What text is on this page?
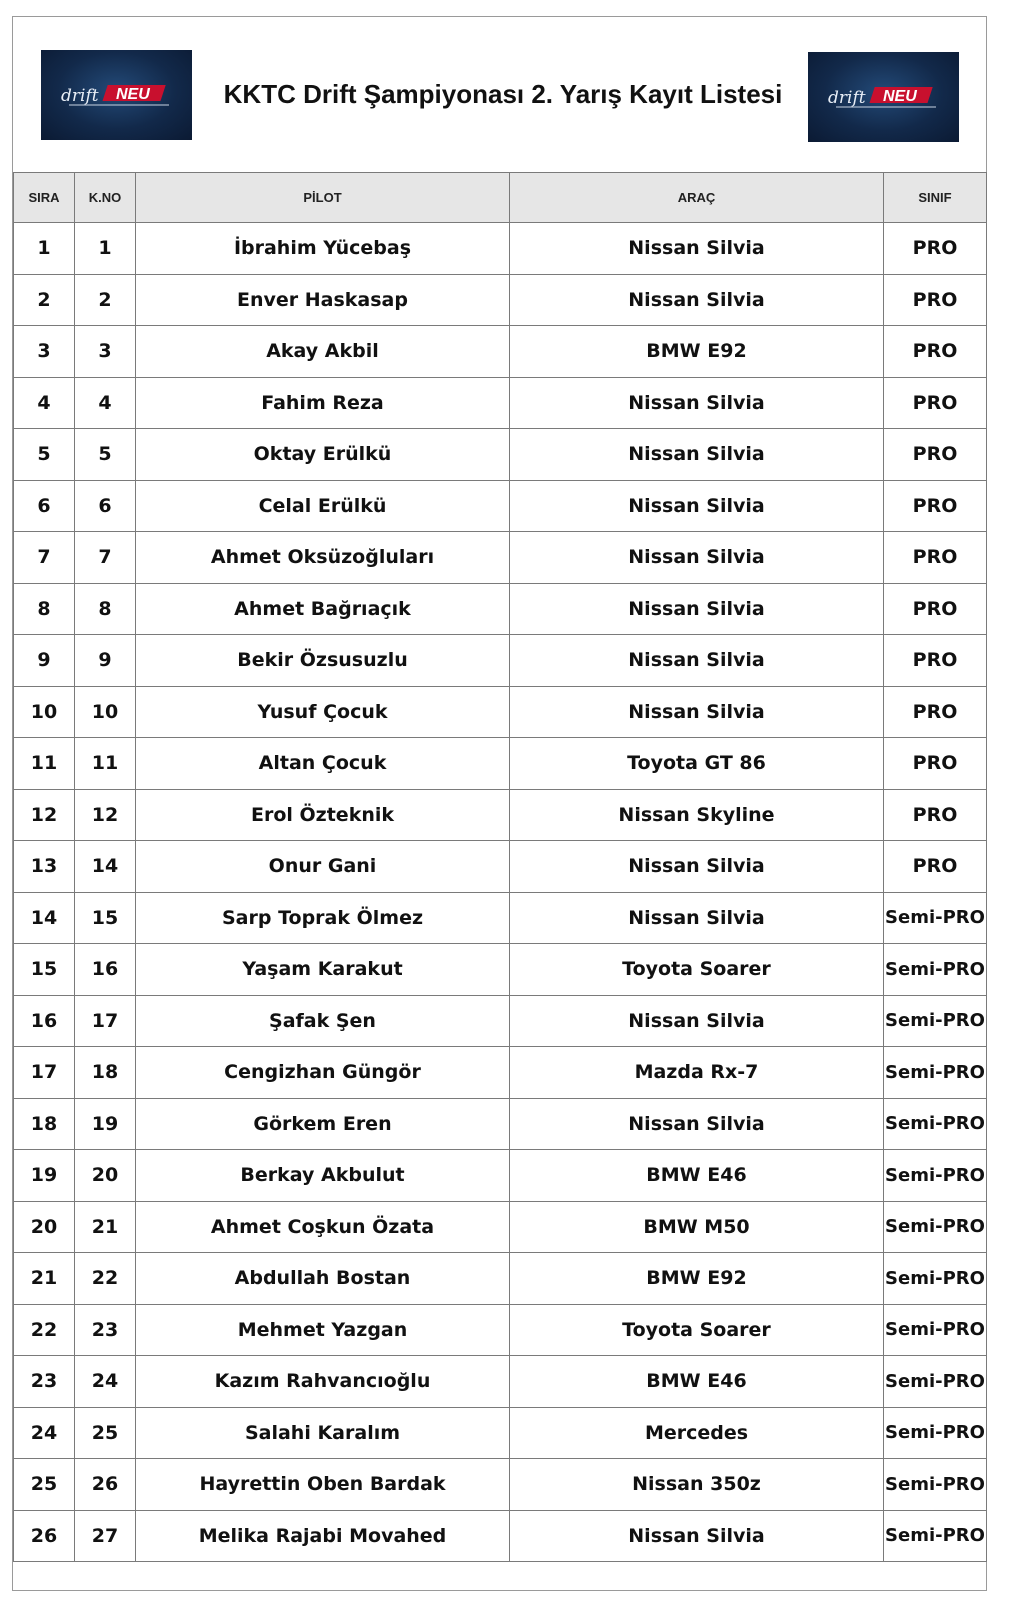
drift NEU	KKTC Drift Şampiyonası 2. Yarış Kayıt Listesi	drift NEU
SIRA	K.NO	PİLOT	ARAÇ	SINIF
1	1	İbrahim Yücebaş	Nissan Silvia	PRO
2	2	Enver Haskasap	Nissan Silvia	PRO
3	3	Akay Akbil	BMW E92	PRO
4	4	Fahim Reza	Nissan Silvia	PRO
5	5	Oktay Erülkü	Nissan Silvia	PRO
6	6	Celal Erülkü	Nissan Silvia	PRO
7	7	Ahmet Oksüzoğluları	Nissan Silvia	PRO
8	8	Ahmet Bağrıaçık	Nissan Silvia	PRO
9	9	Bekir Özsusuzlu	Nissan Silvia	PRO
10	10	Yusuf Çocuk	Nissan Silvia	PRO
11	11	Altan Çocuk	Toyota GT 86	PRO
12	12	Erol Özteknik	Nissan Skyline	PRO
13	14	Onur Gani	Nissan Silvia	PRO
14	15	Sarp Toprak Ölmez	Nissan Silvia	Semi-PRO
15	16	Yaşam Karakut	Toyota Soarer	Semi-PRO
16	17	Şafak Şen	Nissan Silvia	Semi-PRO
17	18	Cengizhan Güngör	Mazda Rx-7	Semi-PRO
18	19	Görkem Eren	Nissan Silvia	Semi-PRO
19	20	Berkay Akbulut	BMW E46	Semi-PRO
20	21	Ahmet Coşkun Özata	BMW M50	Semi-PRO
21	22	Abdullah Bostan	BMW E92	Semi-PRO
22	23	Mehmet Yazgan	Toyota Soarer	Semi-PRO
23	24	Kazım Rahvancıoğlu	BMW E46	Semi-PRO
24	25	Salahi Karalım	Mercedes	Semi-PRO
25	26	Hayrettin Oben Bardak	Nissan 350z	Semi-PRO
26	27	Melika Rajabi Movahed	Nissan Silvia	Semi-PRO
